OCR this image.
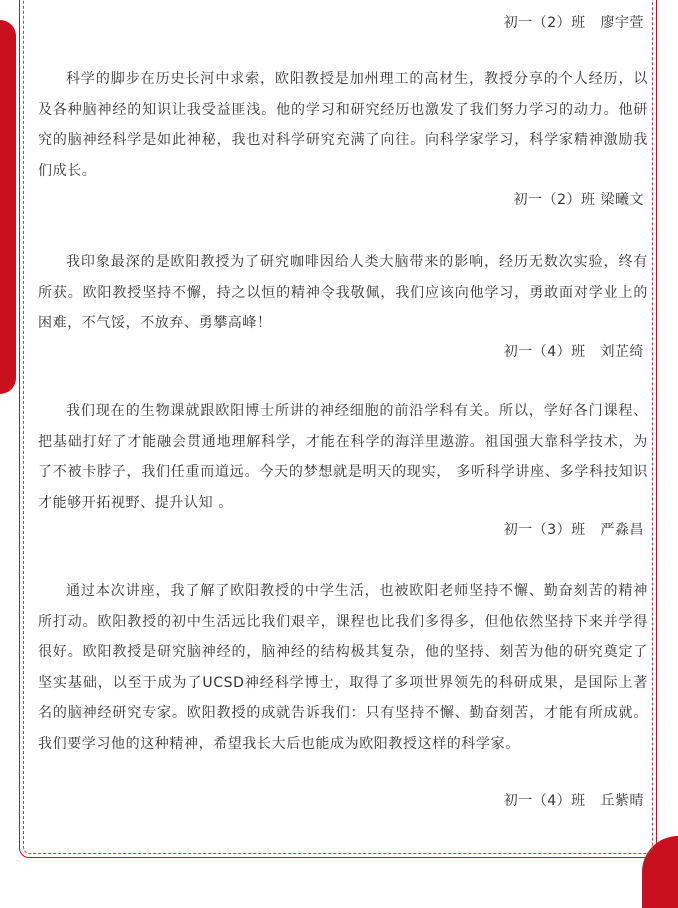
初一（2）班   廖宇萱

科学的脚步在历史长河中求索，欧阳教授是加州理工的高材生，教授分享的个人经历，以及各种脑神经的知识让我受益匪浅。他的学习和研究经历也激发了我们努力学习的动力。他研究的脑神经科学是如此神秘，我也对科学研究充满了向往。向科学家学习，科学家精神激励我们成长。

初一（2）班 梁曦文

我印象最深的是欧阳教授为了研究咖啡因给人类大脑带来的影响，经历无数次实验，终有所获。欧阳教授坚持不懈，持之以恒的精神令我敬佩，我们应该向他学习，勇敢面对学业上的困难，不气馁，不放弃、勇攀高峰！

初一（4）班   刘芷绮

我们现在的生物课就跟欧阳博士所讲的神经细胞的前沿学科有关。所以，学好各门课程、把基础打好了才能融会贯通地理解科学，才能在科学的海洋里遨游。祖国强大靠科学技术，为了不被卡脖子，我们任重而道远。今天的梦想就是明天的现实， 多听科学讲座、多学科技知识才能够开拓视野、提升认知 。

初一（3）班   严淼昌

通过本次讲座，我了解了欧阳教授的中学生活，也被欧阳老师坚持不懈、勤奋刻苦的精神所打动。欧阳教授的初中生活远比我们艰辛，课程也比我们多得多，但他依然坚持下来并学得很好。欧阳教授是研究脑神经的，脑神经的结构极其复杂，他的坚持、刻苦为他的研究奠定了坚实基础，以至于成为了UCSD神经科学博士，取得了多项世界领先的科研成果，是国际上著名的脑神经研究专家。欧阳教授的成就告诉我们：只有坚持不懈、勤奋刻苦，才能有所成就。我们要学习他的这种精神，希望我长大后也能成为欧阳教授这样的科学家。

初一（4）班   丘紫晴
